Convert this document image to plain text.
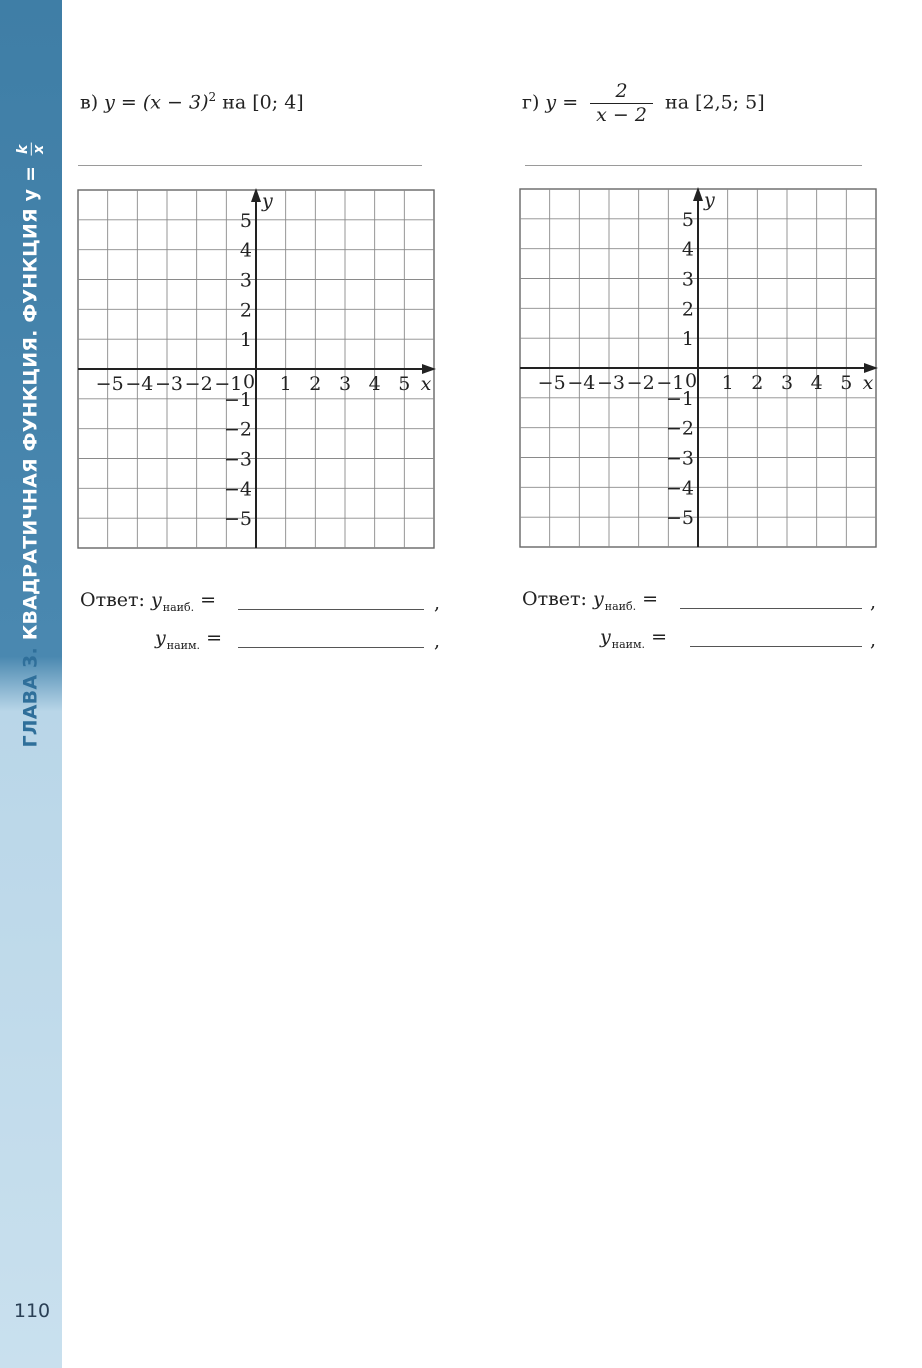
ГЛАВА 3. КВАДРАТИЧНАЯ ФУНКЦИЯ. ФУНКЦИЯ y =
k x
110
в) $y = (x - 3)^2$ на [0; 4]	г) $y = \frac{2}{x - 2}$ на [2,5; 5]
x
y
0
−5 −4 −3 −2 −1 1 2 3 4 5
5
4
3
2
1
−1
−2
−3
−4
−5
x
y
0
−5 −4 −3 −2 −1 1 2 3 4 5
5
4
3
2
1
−1
−2
−3
−4
−5
Ответ: $y_{наиб.}$ =	,
$y_{наим.}$ =	,
Ответ: $y_{наиб.}$ =	,
$y_{наим.}$ =	,
